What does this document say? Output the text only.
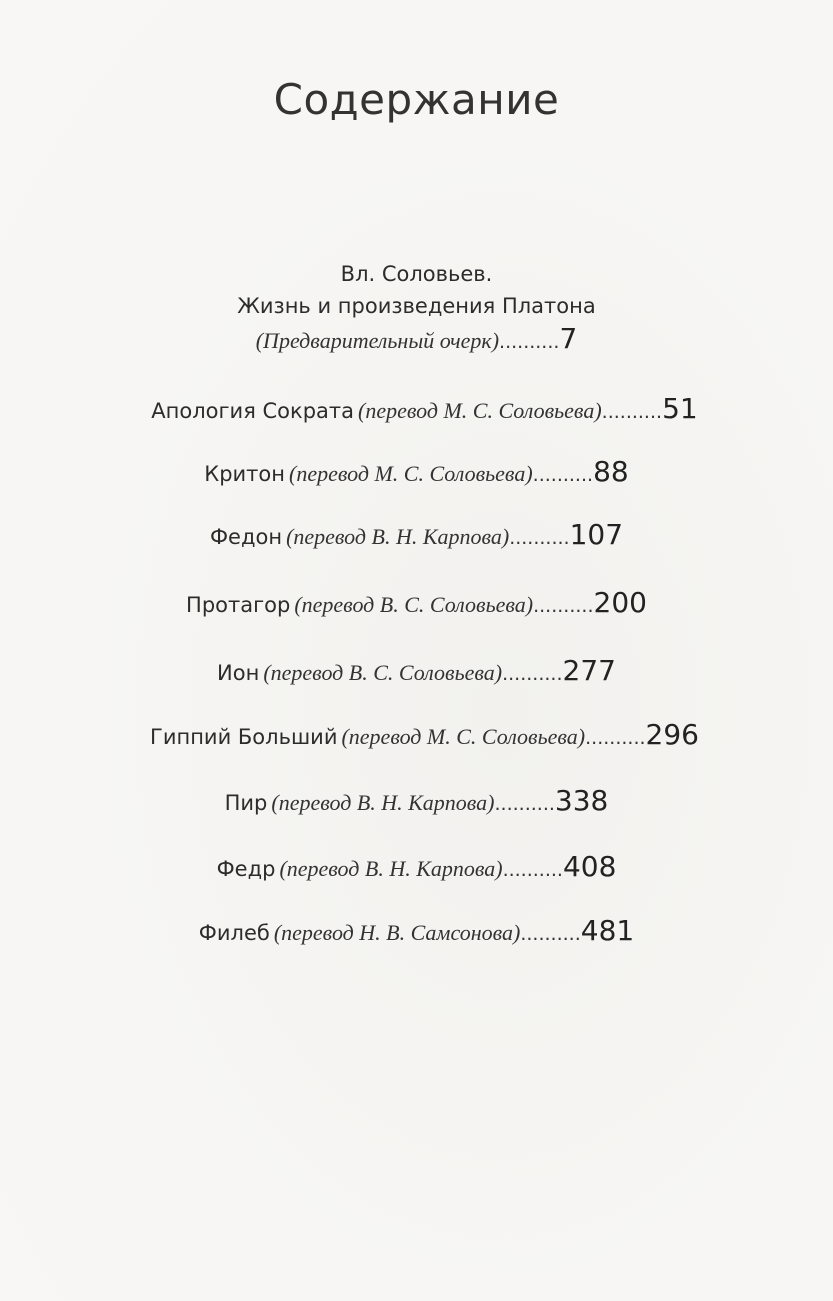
Содержание
Вл. Соловьев.
Жизнь и произведения Платона
(Предварительный очерк)..........7
Апология Сократа (перевод М. С. Соловьева)..........51
Критон (перевод М. С. Соловьева)..........88
Федон (перевод В. Н. Карпова)..........107
Протагор (перевод В. С. Соловьева)..........200
Ион (перевод В. С. Соловьева)..........277
Гиппий Больший (перевод М. С. Соловьева)..........296
Пир (перевод В. Н. Карпова)..........338
Федр (перевод В. Н. Карпова)..........408
Филеб (перевод Н. В. Самсонова)..........481
